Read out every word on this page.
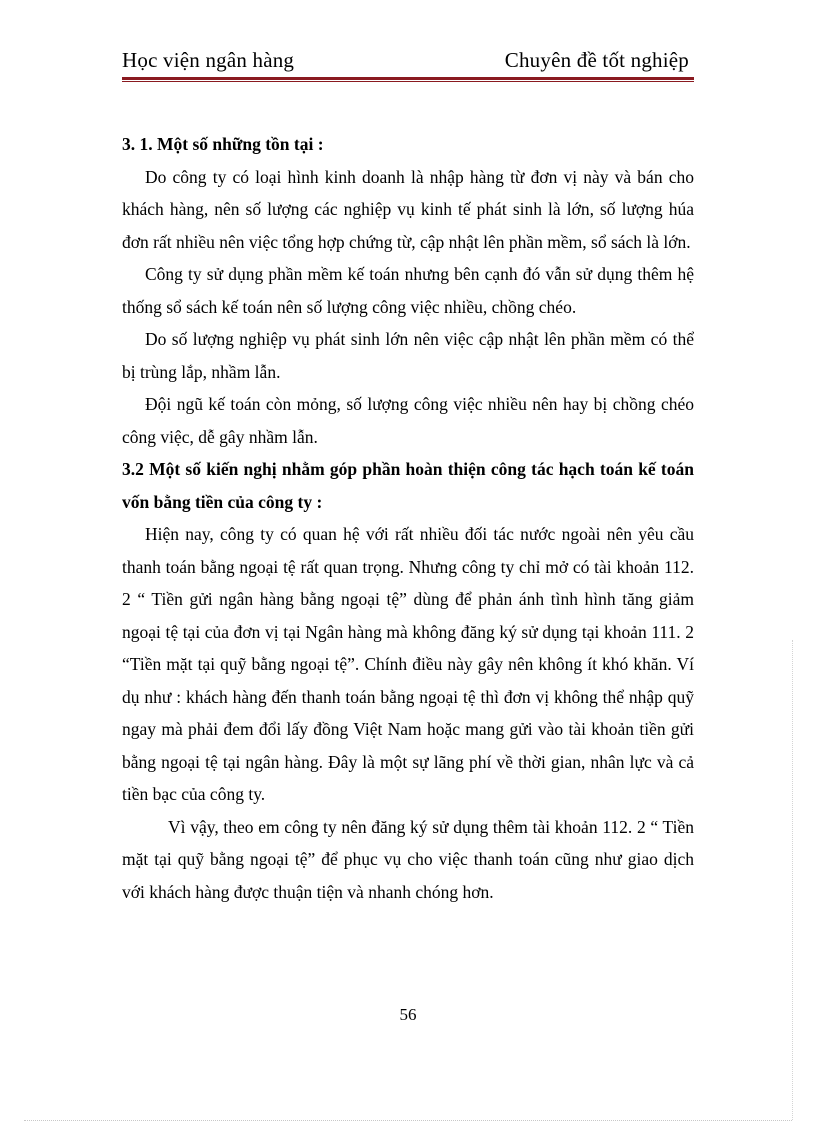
Học viện ngân hàng	Chuyên đề tốt nghiệp
3. 1. Một số những tồn tại :

Do công ty có loại hình kinh doanh là nhập hàng từ đơn vị này và bán cho khách hàng, nên số lượng các nghiệp vụ kinh tế phát sinh là lớn, số lượng húa đơn rất nhiều nên việc tổng hợp chứng từ, cập nhật lên phần mềm, sổ sách là lớn.

Công ty sử dụng phần mềm kế toán nhưng bên cạnh đó vẫn sử dụng thêm hệ thống sổ sách kế toán nên số lượng công việc nhiều, chồng chéo.

Do số lượng nghiệp vụ phát sinh lớn nên việc cập nhật lên phần mềm có thể bị trùng lắp, nhầm lẫn.

Đội ngũ kế toán còn mỏng, số lượng công việc nhiều nên hay bị chồng chéo công việc, dễ gây nhầm lẫn.

3.2 Một số kiến nghị nhằm góp phần hoàn thiện công tác hạch toán kế toán vốn bằng tiền của công ty :

Hiện nay, công ty có quan hệ với rất nhiều đối tác nước ngoài nên yêu cầu thanh toán bằng ngoại tệ rất quan trọng. Nhưng công ty chỉ mở có tài khoản 112. 2 “ Tiền gửi ngân hàng bằng ngoại tệ” dùng để phản ánh tình hình tăng giảm ngoại tệ tại của đơn vị tại Ngân hàng mà không đăng ký sử dụng tại khoản 111. 2 “Tiền mặt tại quỹ bằng ngoại tệ”. Chính điều này gây nên không ít khó khăn. Ví dụ như : khách hàng đến thanh toán bằng ngoại tệ thì đơn vị không thể nhập quỹ ngay mà phải đem đổi lấy đồng Việt Nam hoặc mang gửi vào tài khoản tiền gửi bằng ngoại tệ tại ngân hàng. Đây là một sự lãng phí về thời gian, nhân lực và cả tiền bạc của công ty.

Vì vậy, theo em công ty nên đăng ký sử dụng thêm tài khoản 112. 2 “ Tiền mặt tại quỹ bằng ngoại tệ” để phục vụ cho việc thanh toán cũng như giao dịch với khách hàng được thuận tiện và nhanh chóng hơn.

56
